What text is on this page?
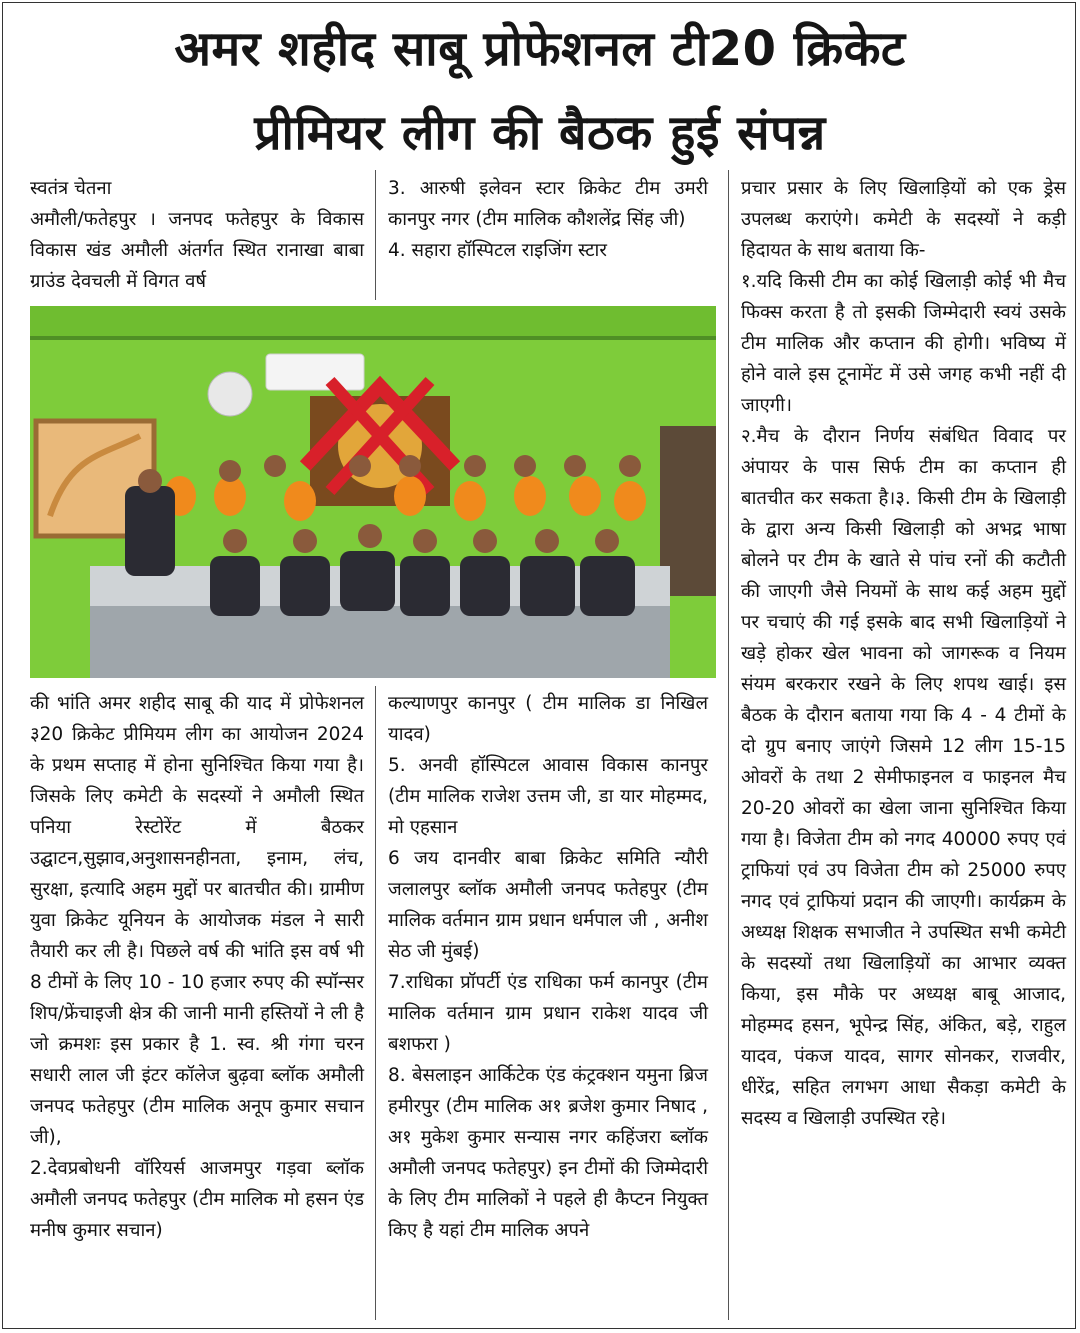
अमर शहीद साबू प्रोफेशनल टी20 क्रिकेट
प्रीमियर लीग की बैठक हुई संपन्न

स्वतंत्र चेतना

अमौली/फतेहपुर । जनपद फतेहपुर के विकास विकास खंड अमौली अंतर्गत स्थित रानाखा बाबा ग्राउंड देवचली में विगत वर्ष

3. आरुषी इलेवन स्टार क्रिकेट टीम उमरी कानपुर नगर (टीम मालिक कौशलेंद्र सिंह जी)

4. सहारा हॉस्पिटल राइजिंग स्टार

प्रचार प्रसार के लिए खिलाड़ियों को एक ड्रेस उपलब्ध कराएंगे। कमेटी के सदस्यों ने कड़ी हिदायत के साथ बताया कि-

१.यदि किसी टीम का कोई खिलाड़ी कोई भी मैच फिक्स करता है तो इसकी जिम्मेदारी स्वयं उसके टीम मालिक और कप्तान की होगी। भविष्य में होने वाले इस टूनामेंट में उसे जगह कभी नहीं दी जाएगी।

२.मैच के दौरान निर्णय संबंधित विवाद पर अंपायर के पास सिर्फ टीम का कप्तान ही बातचीत कर सकता है।३. किसी टीम के खिलाड़ी के द्वारा अन्य किसी खिलाड़ी को अभद्र भाषा बोलने पर टीम के खाते से पांच रनों की कटौती की जाएगी जैसे नियमों के साथ कई अहम मुद्दों पर चचाएं की गई इसके बाद सभी खिलाड़ियों ने खड़े होकर खेल भावना को जागरूक व नियम संयम बरकरार रखने के लिए शपथ खाई। इस बैठक के दौरान बताया गया कि 4 - 4 टीमों के दो ग्रुप बनाए जाएंगे जिसमे 12 लीग 15-15 ओवरों के तथा 2 सेमीफाइनल व फाइनल मैच 20-20 ओवरों का खेला जाना सुनिश्चित किया गया है। विजेता टीम को नगद 40000 रुपए एवं ट्राफियां एवं उप विजेता टीम को 25000 रुपए नगद एवं ट्राफियां प्रदान की जाएगी। कार्यक्रम के अध्यक्ष शिक्षक सभाजीत ने उपस्थित सभी कमेटी के सदस्यों तथा खिलाड़ियों का आभार व्यक्त किया, इस मौके पर अध्यक्ष बाबू आजाद, मोहम्मद हसन, भूपेन्द्र सिंह, अंकित, बड़े, राहुल यादव, पंकज यादव, सागर सोनकर, राजवीर, धीरेंद्र, सहित लगभग आधा सैकड़ा कमेटी के सदस्य व खिलाड़ी उपस्थित रहे।

की भांति अमर शहीद साबू की याद में प्रोफेशनल ३20 क्रिकेट प्रीमियम लीग का आयोजन 2024 के प्रथम सप्ताह में होना सुनिश्चित किया गया है। जिसके लिए कमेटी के सदस्यों ने अमौली स्थित पनिया रेस्टोरेंट में बैठकर उद्घाटन,सुझाव,अनुशासनहीनता, इनाम, लंच, सुरक्षा, इत्यादि अहम मुद्दों पर बातचीत की। ग्रामीण युवा क्रिकेट यूनियन के आयोजक मंडल ने सारी तैयारी कर ली है। पिछले वर्ष की भांति इस वर्ष भी 8 टीमों के लिए 10 - 10 हजार रुपए की स्पॉन्सर शिप/फ्रेंचाइजी क्षेत्र की जानी मानी हस्तियों ने ली है जो क्रमशः इस प्रकार है 1. स्व. श्री गंगा चरन सधारी लाल जी इंटर कॉलेज बुढ़वा ब्लॉक अमौली जनपद फतेहपुर (टीम मालिक अनूप कुमार सचान जी),

2.देवप्रबोधनी वॉरियर्स आजमपुर गड़वा ब्लॉक अमौली जनपद फतेहपुर (टीम मालिक मो हसन एंड मनीष कुमार सचान)

कल्याणपुर कानपुर ( टीम मालिक डा निखिल यादव)

5. अनवी हॉस्पिटल आवास विकास कानपुर (टीम मालिक राजेश उत्तम जी, डा यार मोहम्मद, मो एहसान

6 जय दानवीर बाबा क्रिकेट समिति न्यौरी जलालपुर ब्लॉक अमौली जनपद फतेहपुर (टीम मालिक वर्तमान ग्राम प्रधान धर्मपाल जी , अनीश सेठ जी मुंबई)

7.राधिका प्रॉपर्टी एंड राधिका फर्म कानपुर (टीम मालिक वर्तमान ग्राम प्रधान राकेश यादव जी बशफरा )

8. बेसलाइन आर्किटेक एंड कंट्रक्शन यमुना ब्रिज हमीरपुर (टीम मालिक अ१ ब्रजेश कुमार निषाद , अ१ मुकेश कुमार सन्यास नगर कहिंजरा ब्लॉक अमौली जनपद फतेहपुर) इन टीमों की जिम्मेदारी के लिए टीम मालिकों ने पहले ही कैप्टन नियुक्त किए है यहां टीम मालिक अपने
